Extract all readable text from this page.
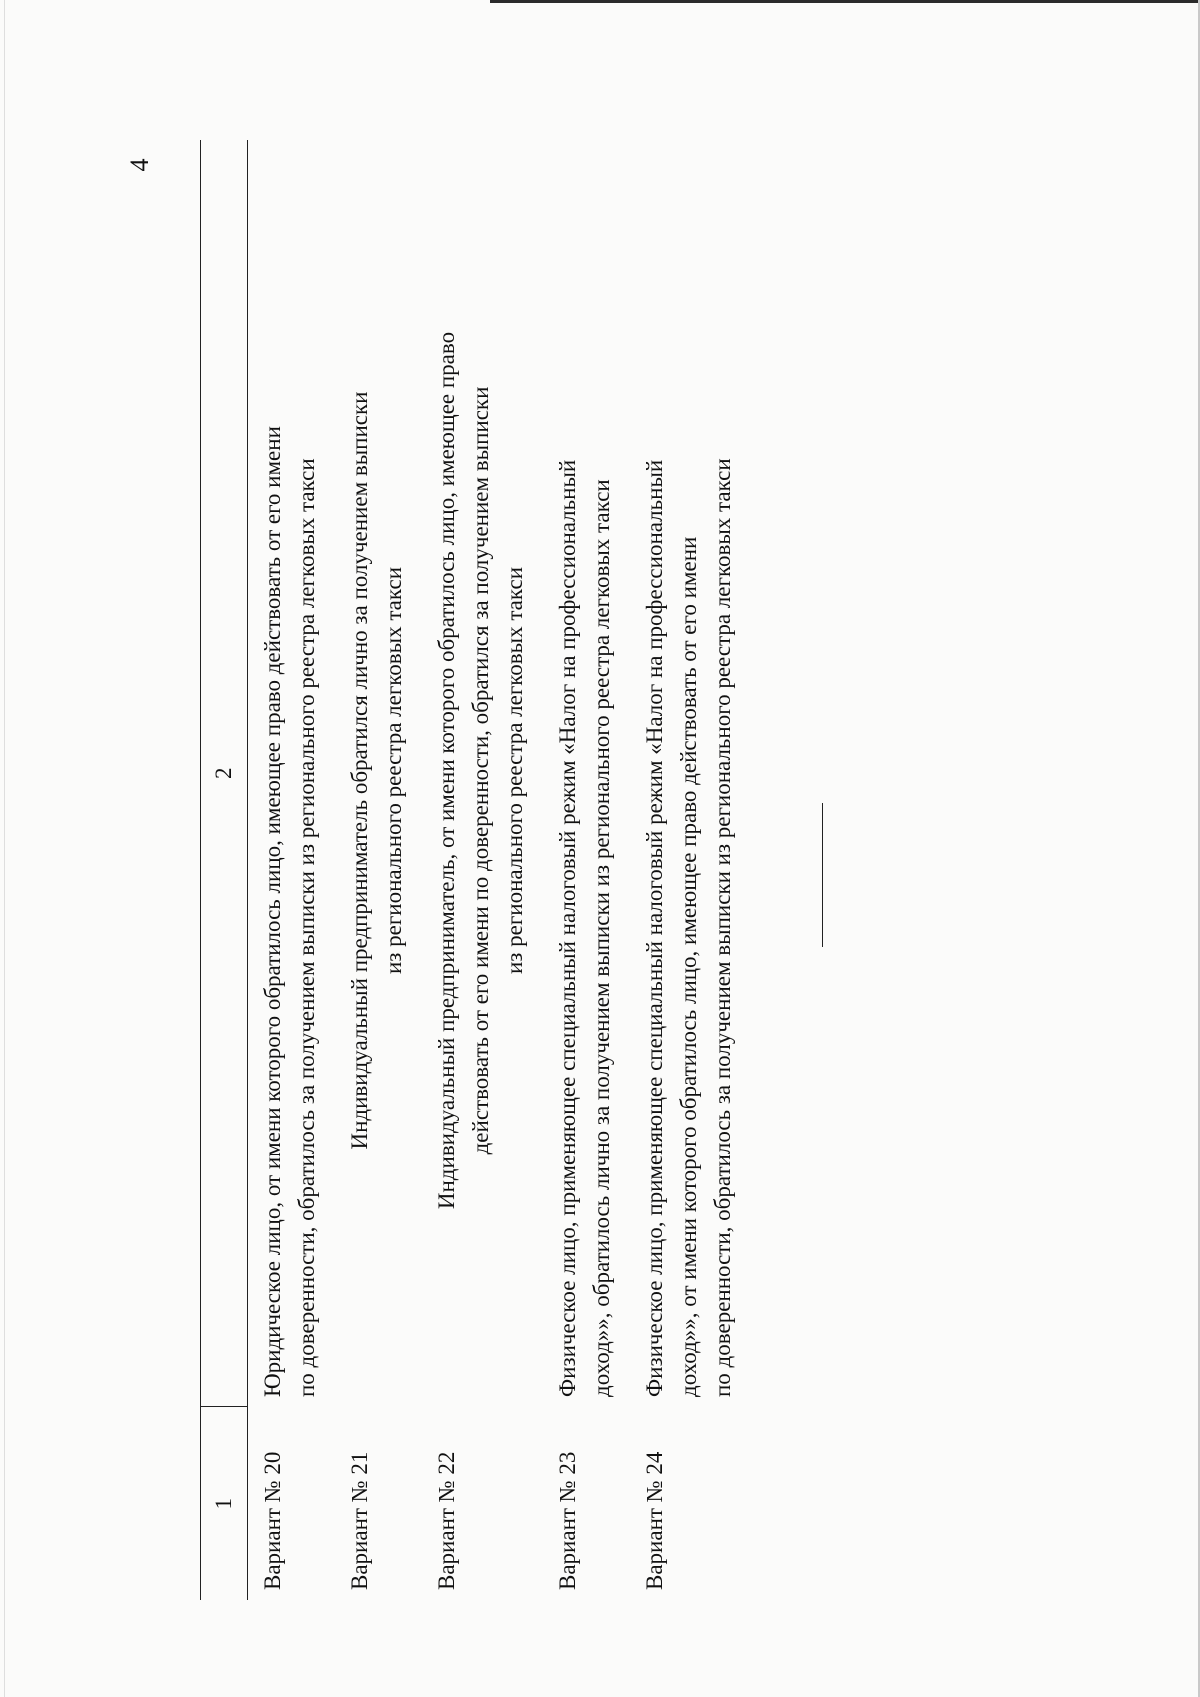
4
1	2
Вариант № 20	Юридическое лицо, от имени которого обратилось лицо, имеющее право действовать от его имени по доверенности, обратилось за получением выписки из регионального реестра легковых такси

Вариант № 21	Индивидуальный предприниматель обратился лично за получением выписки из регионального реестра легковых такси

Вариант № 22	Индивидуальный предприниматель, от имени которого обратилось лицо, имеющее право действовать от его имени по доверенности, обратился за получением выписки из регионального реестра легковых такси

Вариант № 23	Физическое лицо, применяющее специальный налоговый режим «Налог на профессиональный доход»», обратилось лично за получением выписки из регионального реестра легковых такси

Вариант № 24	Физическое лицо, применяющее специальный налоговый режим «Налог на профессиональный доход»», от имени которого обратилось лицо, имеющее право действовать от его имени по доверенности, обратилось за получением выписки из регионального реестра легковых такси
